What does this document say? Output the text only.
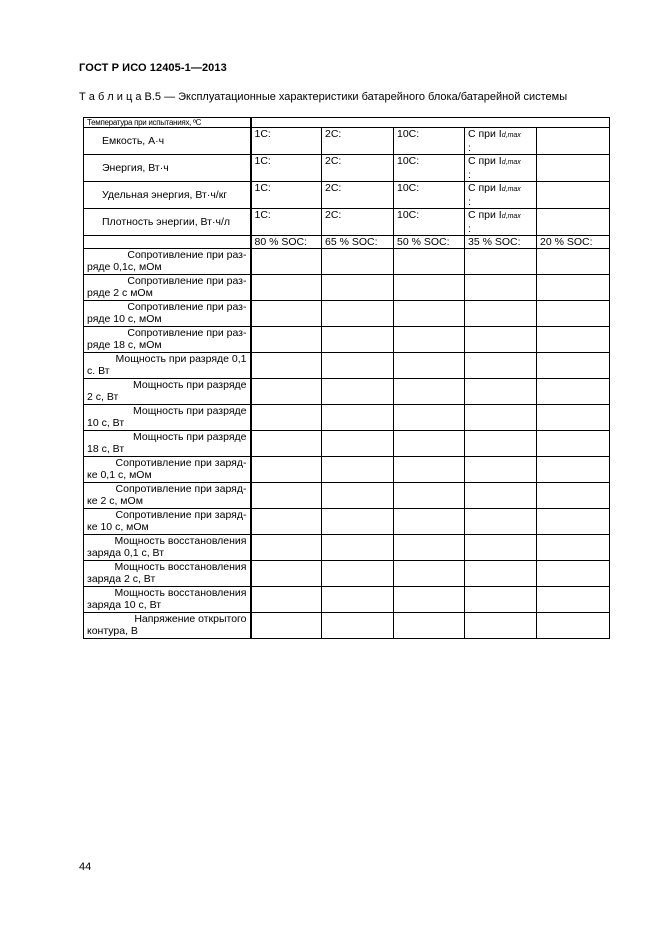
ГОСТ Р ИСО 12405-1—2013
Т а б л и ц а В.5 — Эксплуатационные характеристики батарейного блока/батарейной системы
Температура при испытаниях, ºC					

Емкость, А·ч	1C:	2C:	10C:	C при Id,max
:	

Энергия, Вт·ч	1C:	2C:	10C:	C при Id,max
:	

Удельная энергия, Вт·ч/кг	1C:	2C:	10C:	C при Id,max
:	

Плотность энергии, Вт·ч/л	1C:	2C:	10C:	C при Id,max
:	
	80 % SOC:	65 % SOC:	50 % SOC:	35 % SOC:	20 % SOC:

Сопротивление при раз-
ряде 0,1с, мОм					

Сопротивление при раз-
ряде 2 с мОм					

Сопротивление при раз-
ряде 10 с, мОм					

Сопротивление при раз-
ряде 18 с, мОм					

Мощность при разряде 0,1
с. Вт					

Мощность при разряде
2 с, Вт					

Мощность при разряде
10 с, Вт					

Мощность при разряде
18 с, Вт					

Сопротивление при заряд-
ке 0,1 с, мОм					

Сопротивление при заряд-
ке 2 с, мОм					

Сопротивление при заряд-
ке 10 с, мОм					

Мощность восстановления
заряда 0,1 с, Вт					

Мощность восстановления
заряда 2 с, Вт					

Мощность восстановления
заряда 10 с, Вт					

Напряжение открытого
контура, В					

44
